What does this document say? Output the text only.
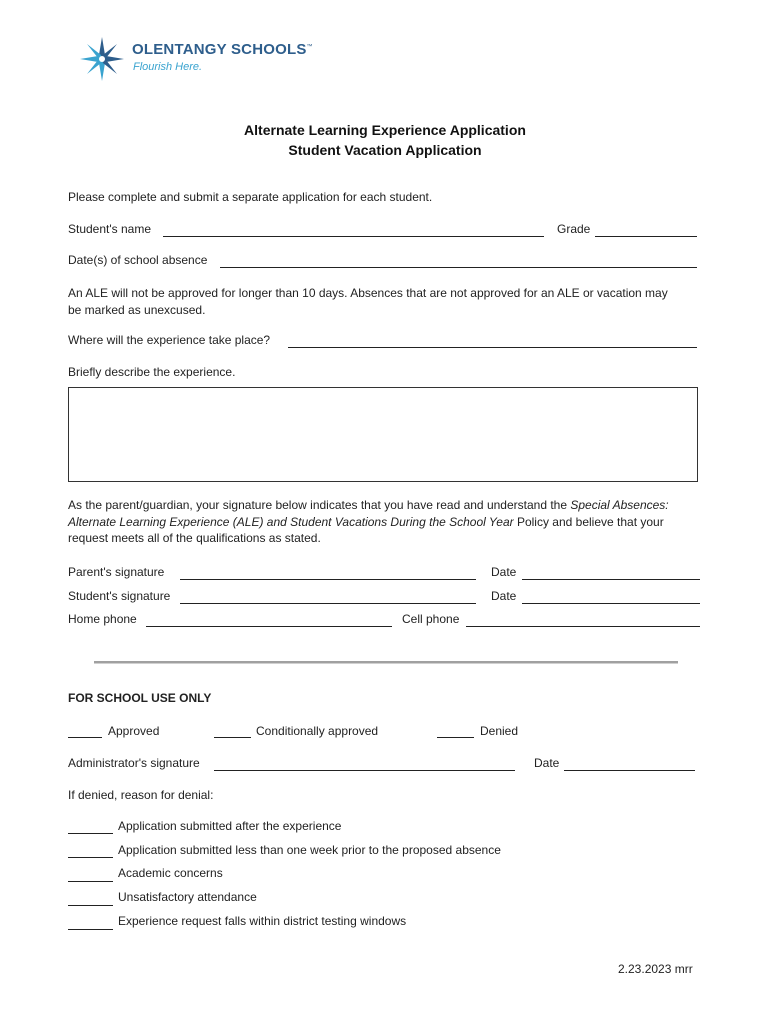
OLENTANGY SCHOOLS™
Flourish Here.
Alternate Learning Experience Application
Student Vacation Application
Please complete and submit a separate application for each student.
Student's name	Grade
Date(s) of school absence
An ALE will not be approved for longer than 10 days. Absences that are not approved for an ALE or vacation may
be marked as unexcused.
Where will the experience take place?
Briefly describe the experience.
As the parent/guardian, your signature below indicates that you have read and understand the Special Absences:
Alternate Learning Experience (ALE) and Student Vacations During the School Year Policy and believe that your
request meets all of the qualifications as stated.
Parent's signature	Date
Student's signature	Date
Home phone	Cell phone
FOR SCHOOL USE ONLY
Approved	Conditionally approved	Denied
Administrator's signature	Date
If denied, reason for denial:
Application submitted after the experience
Application submitted less than one week prior to the proposed absence
Academic concerns
Unsatisfactory attendance
Experience request falls within district testing windows
2.23.2023 mrr
